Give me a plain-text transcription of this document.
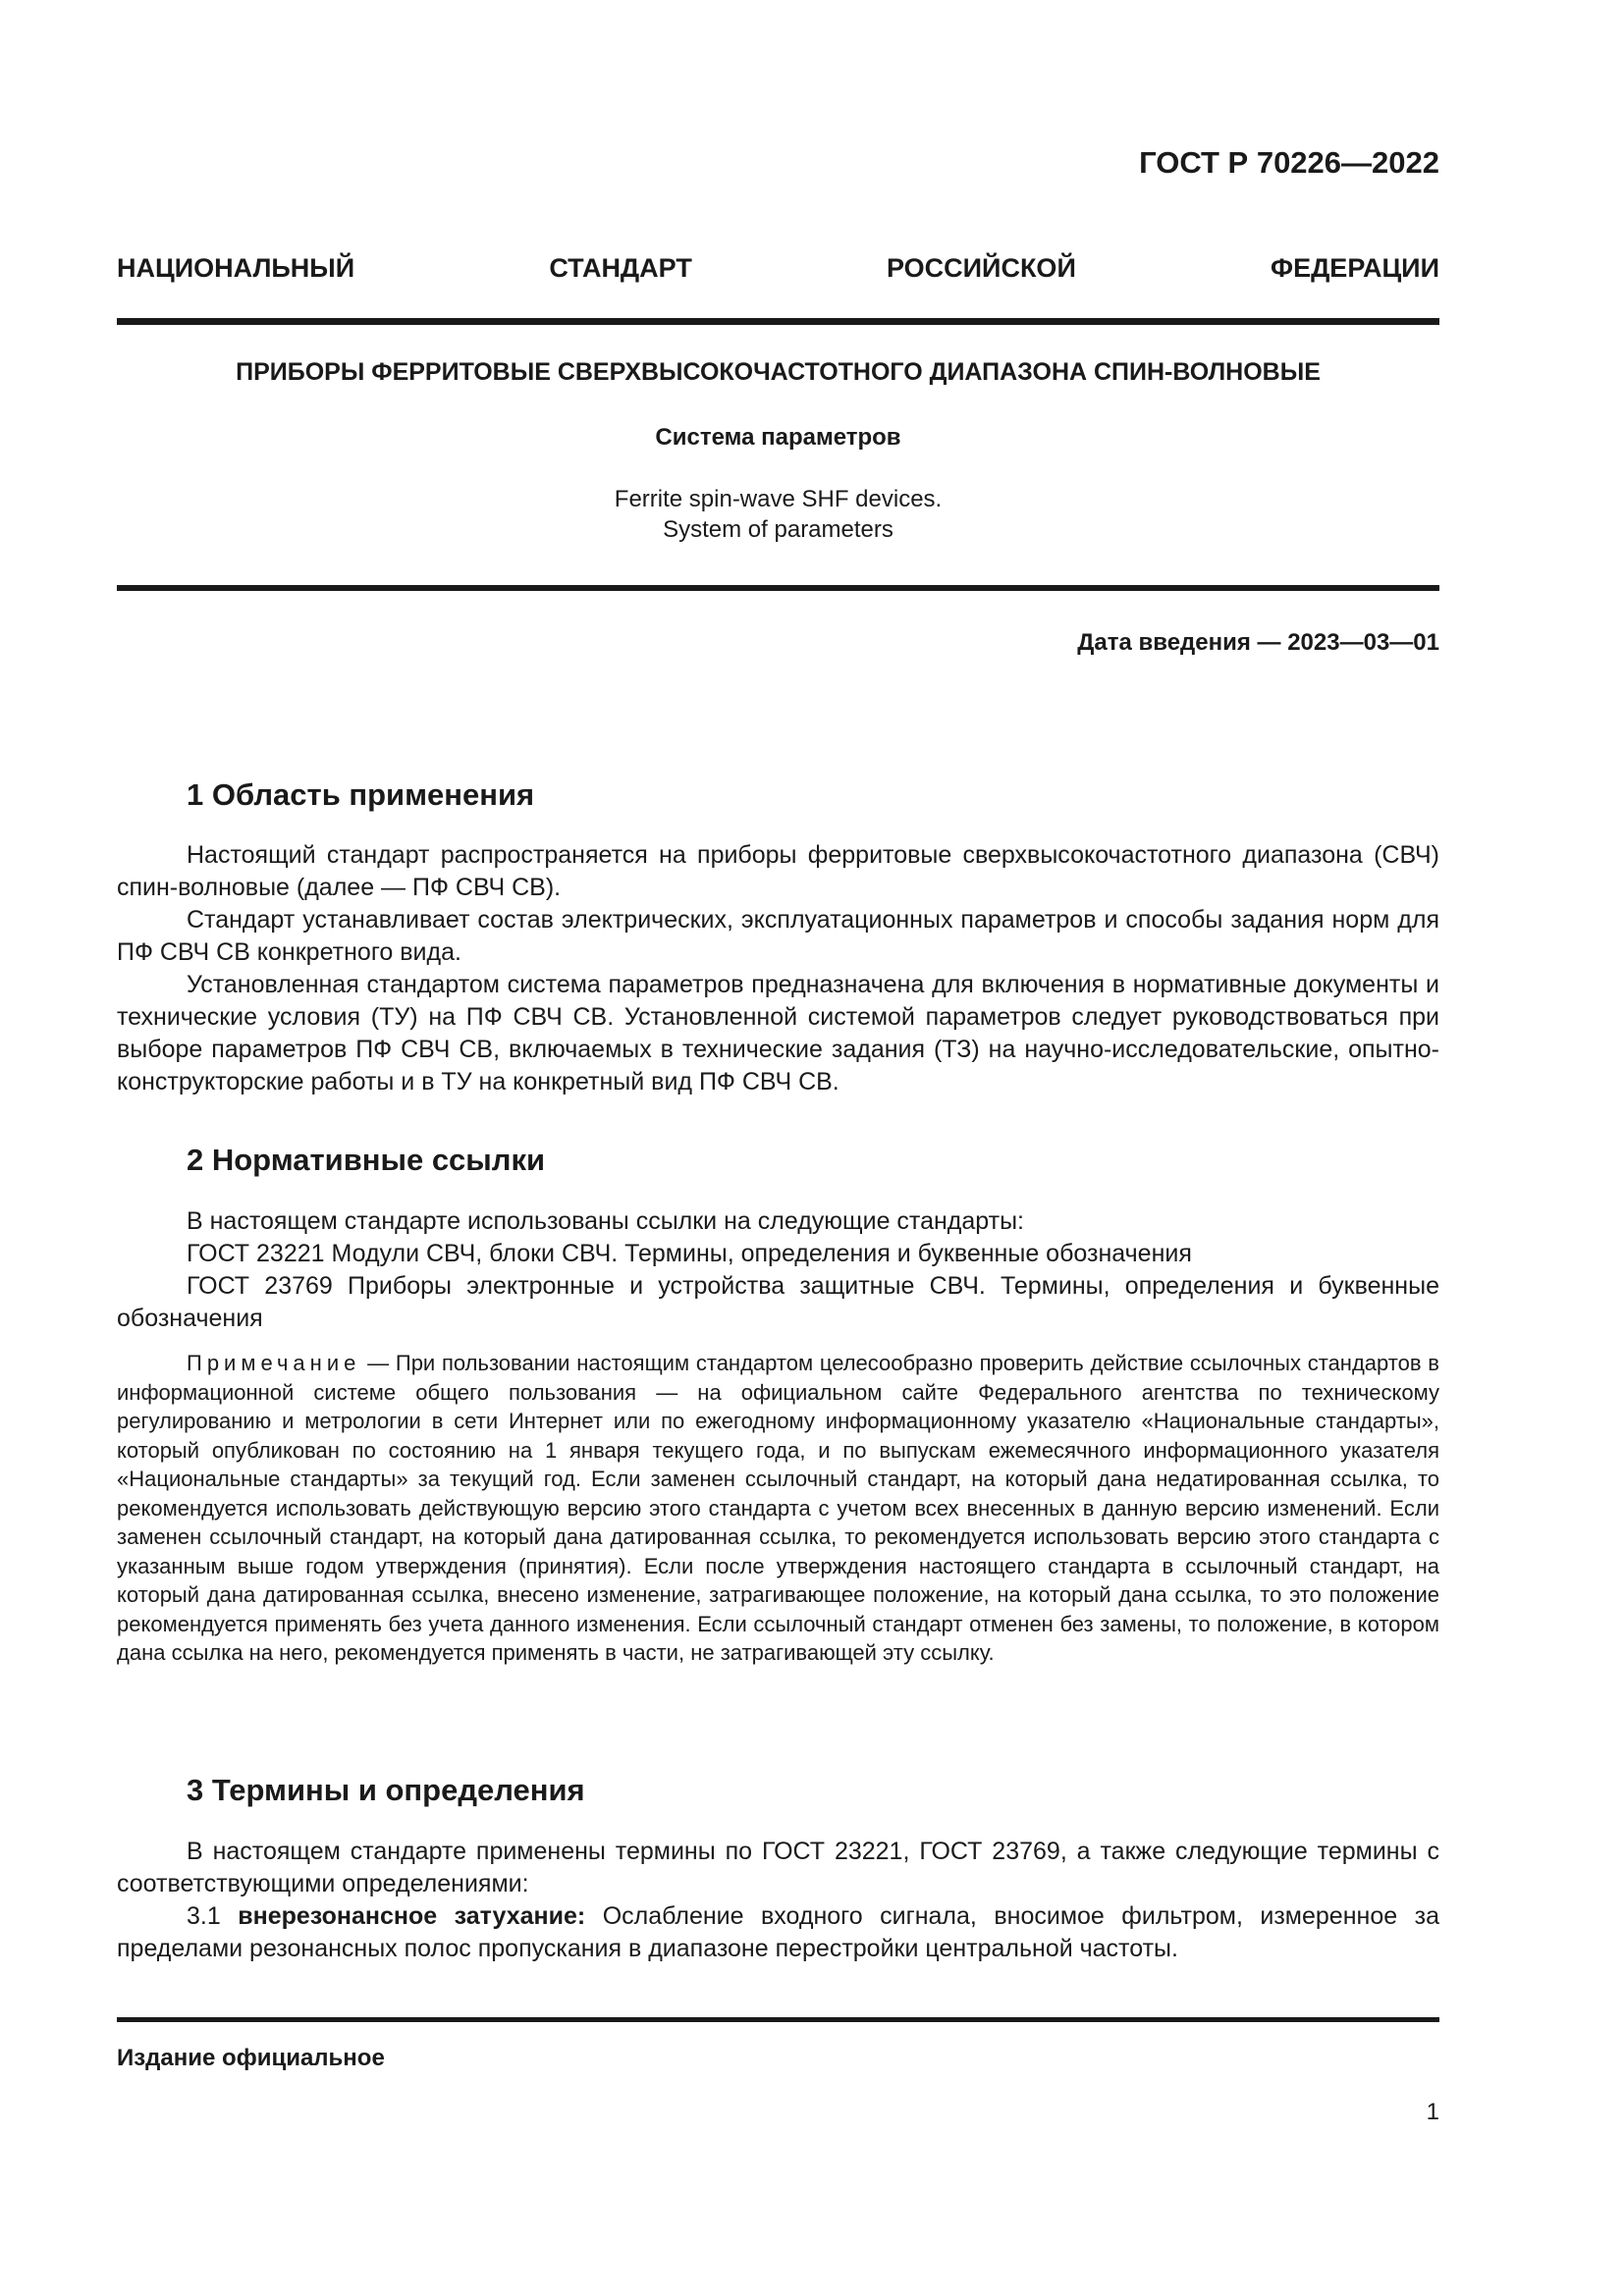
ГОСТ Р 70226—2022
НАЦИОНАЛЬНЫЙ СТАНДАРТ РОССИЙСКОЙ ФЕДЕРАЦИИ
ПРИБОРЫ ФЕРРИТОВЫЕ СВЕРХВЫСОКОЧАСТОТНОГО ДИАПАЗОНА СПИН-ВОЛНОВЫЕ
Система параметров
Ferrite spin-wave SHF devices.
System of parameters
Дата введения — 2023—03—01
1 Область применения

Настоящий стандарт распространяется на приборы ферритовые сверхвысокочастотного диапазона (СВЧ) спин-волновые (далее — ПФ СВЧ СВ).

Стандарт устанавливает состав электрических, эксплуатационных параметров и способы задания норм для ПФ СВЧ СВ конкретного вида.

Установленная стандартом система параметров предназначена для включения в нормативные документы и технические условия (ТУ) на ПФ СВЧ СВ. Установленной системой параметров следует руководствоваться при выборе параметров ПФ СВЧ СВ, включаемых в технические задания (ТЗ) на научно-исследовательские, опытно-конструкторские работы и в ТУ на конкретный вид ПФ СВЧ СВ.

2 Нормативные ссылки

В настоящем стандарте использованы ссылки на следующие стандарты:

ГОСТ 23221 Модули СВЧ, блоки СВЧ. Термины, определения и буквенные обозначения

ГОСТ 23769 Приборы электронные и устройства защитные СВЧ. Термины, определения и буквенные обозначения

Примечание — При пользовании настоящим стандартом целесообразно проверить действие ссылочных стандартов в информационной системе общего пользования — на официальном сайте Федерального агентства по техническому регулированию и метрологии в сети Интернет или по ежегодному информационному указателю «Национальные стандарты», который опубликован по состоянию на 1 января текущего года, и по выпускам ежемесячного информационного указателя «Национальные стандарты» за текущий год. Если заменен ссылочный стандарт, на который дана недатированная ссылка, то рекомендуется использовать действующую версию этого стандарта с учетом всех внесенных в данную версию изменений. Если заменен ссылочный стандарт, на который дана датированная ссылка, то рекомендуется использовать версию этого стандарта с указанным выше годом утверждения (принятия). Если после утверждения настоящего стандарта в ссылочный стандарт, на который дана датированная ссылка, внесено изменение, затрагивающее положение, на который дана ссылка, то это положение рекомендуется применять без учета данного изменения. Если ссылочный стандарт отменен без замены, то положение, в котором дана ссылка на него, рекомендуется применять в части, не затрагивающей эту ссылку.

3 Термины и определения

В настоящем стандарте применены термины по ГОСТ 23221, ГОСТ 23769, а также следующие термины с соответствующими определениями:

3.1 внерезонансное затухание: Ослабление входного сигнала, вносимое фильтром, измеренное за пределами резонансных полос пропускания в диапазоне перестройки центральной частоты.

Издание официальное
1
